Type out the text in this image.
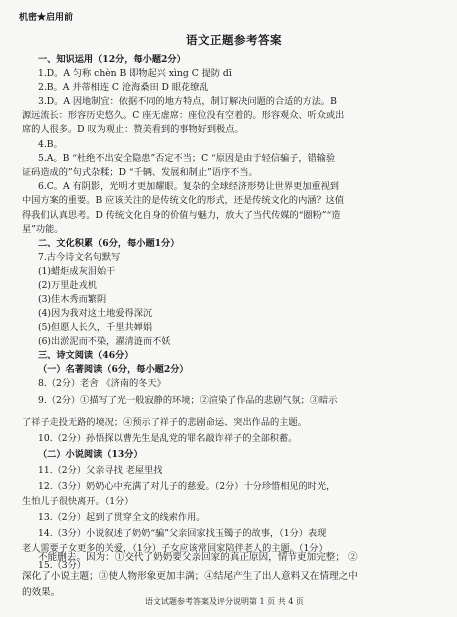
机密★启用前
语文正题参考答案
一、知识运用（12分，每小题2分）
1.D。A 匀称 chèn B 即物起兴 xìng C 提防 dī
2.B。A 并蒂相连 C 沧海桑田 D 眼花缭乱
3.D。A 因地制宜：依据不同的地方特点，制订解决问题的合适的方法。B
源远流长：形容历史悠久。C 座无虚席：座位没有空着的。形容观众、听众或出
席的人很多。D 叹为观止：赞美看到的事物好到极点。
4.B。
5.A。B “杜绝不出安全隐患”否定不当；C “原因是由于轻信骗子，错输验
证码造成的”句式杂糅；D “千辆、发展和制止”语序不当。
6.C。A 有阴影，光明才更加耀眼。复杂的全球经济形势让世界更加重视到
中国方案的重要。B 应该关注的是传统文化的形式，还是传统文化的内涵？这值
得我们认真思考。D 传统文化自身的价值与魅力，放大了当代传媒的“圈粉”“造
星”功能。
二、文化积累（6分，每小题1分）
7.古今诗文名句默写
(1)蜡炬成灰泪始干
(2)万里赴戎机
(3)佳木秀而繁阴
(4)因为我对这土地爱得深沉
(5)但愿人长久，千里共婵娟
(6)出淤泥而不染，濯清涟而不妖
三、诗文阅读（46分）
（一）名著阅读（6分，每小题2分）
8.（2分）老舍 《济南的冬天》
9.（2分）①描写了光一般寂静的环境；②渲染了作品的悲剧气氛；③暗示
了祥子走投无路的境况；④预示了祥子的悲剧命运、突出作品的主题。
10.（2分）孙悟探以曹先生是乱党的罪名敲诈祥子的全部积蓄。
（二）小说阅读（13分）
11.（2分）父亲寻找 老屋里找
12.（3分）奶奶心中充满了对儿子的慈爱。（2分）十分珍惜相见的时光，
生怕儿子很快离开。（1分）
13.（2分）起到了贯穿全文的线索作用。
14.（3分）小说叙述了奶奶“骗”父亲回家找玉镯子的故事，（1分）表现
老人需要子女更多的关爱，（1分）子女应该常回家陪伴老人的主题。（1分）
15.（3分）
不能删去。因为：①交代了奶奶要父亲回家的真正原因，情节更加完整； ②
深化了小说主题；③使人物形象更加丰满；④结尾产生了出人意料又在情理之中
的效果。
语文试题参考答案及评分说明第 1 页 共 4 页
